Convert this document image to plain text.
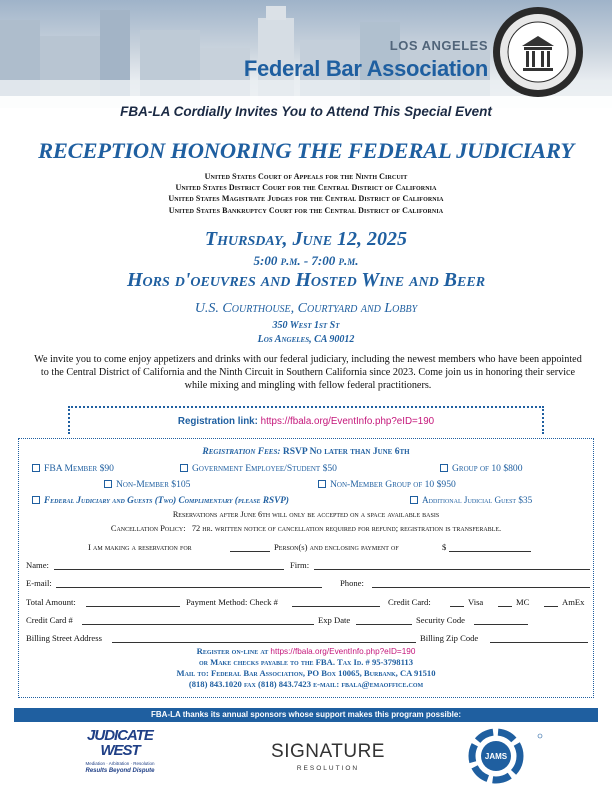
LOS ANGELES
Federal Bar Association
FBA-LA Cordially Invites You to Attend This Special Event
RECEPTION HONORING THE FEDERAL JUDICIARY
United States Court of Appeals for the Ninth Circuit
United States District Court for the Central District of California
United States Magistrate Judges for the Central District of California
United States Bankruptcy Court for the Central District of California
Thursday, June 12, 2025
5:00 p.m. - 7:00 p.m.
Hors d'oeuvres and Hosted Wine and Beer
U.S. Courthouse, Courtyard and Lobby
350 West 1st St
Los Angeles, CA 90012
We invite you to come enjoy appetizers and drinks with our federal judiciary, including the newest members who have been appointed to the Central District of California and the Ninth Circuit in Southern California since 2023. Come join us in honoring their service while mixing and mingling with fellow federal practitioners.
Registration link: https://fbala.org/EventInfo.php?eID=190
Registration Fees: RSVP No later than June 6th
FBA Member $90	Government Employee/Student $50	Group of 10 $800
Non-Member $105	Non-Member Group of 10 $950
Federal Judiciary and Guests (Two) Complimentary (please RSVP)	Additional Judicial Guest $35
Reservations after June 6th will only be accepted on a space available basis
Cancellation Policy: 72 hr. written notice of cancellation required for refund; registration is transferable.
I am making a reservation for	Person(s) and enclosing payment of	$
Name:	Firm:
E-mail:	Phone:
Total Amount:	Payment Method: Check #	Credit Card:	Visa	MC	AmEx
Credit Card #	Exp Date	Security Code
Billing Street Address	Billing Zip Code
Register on-line at https://fbala.org/EventInfo.php?eID=190
or Make checks payable to the FBA. Tax Id. # 95-3798113
Mail to: Federal Bar Association, PO Box 10065, Burbank, CA 91510
(818) 843.1020 fax (818) 843.7423 e-mail: fbala@emaoffice.com
FBA-LA thanks its annual sponsors whose support makes this program possible:
JUDICATE
WEST
Mediation · Arbitration · Resolution
Results Beyond Dispute
SIGNATURE
RESOLUTION
JAMS
